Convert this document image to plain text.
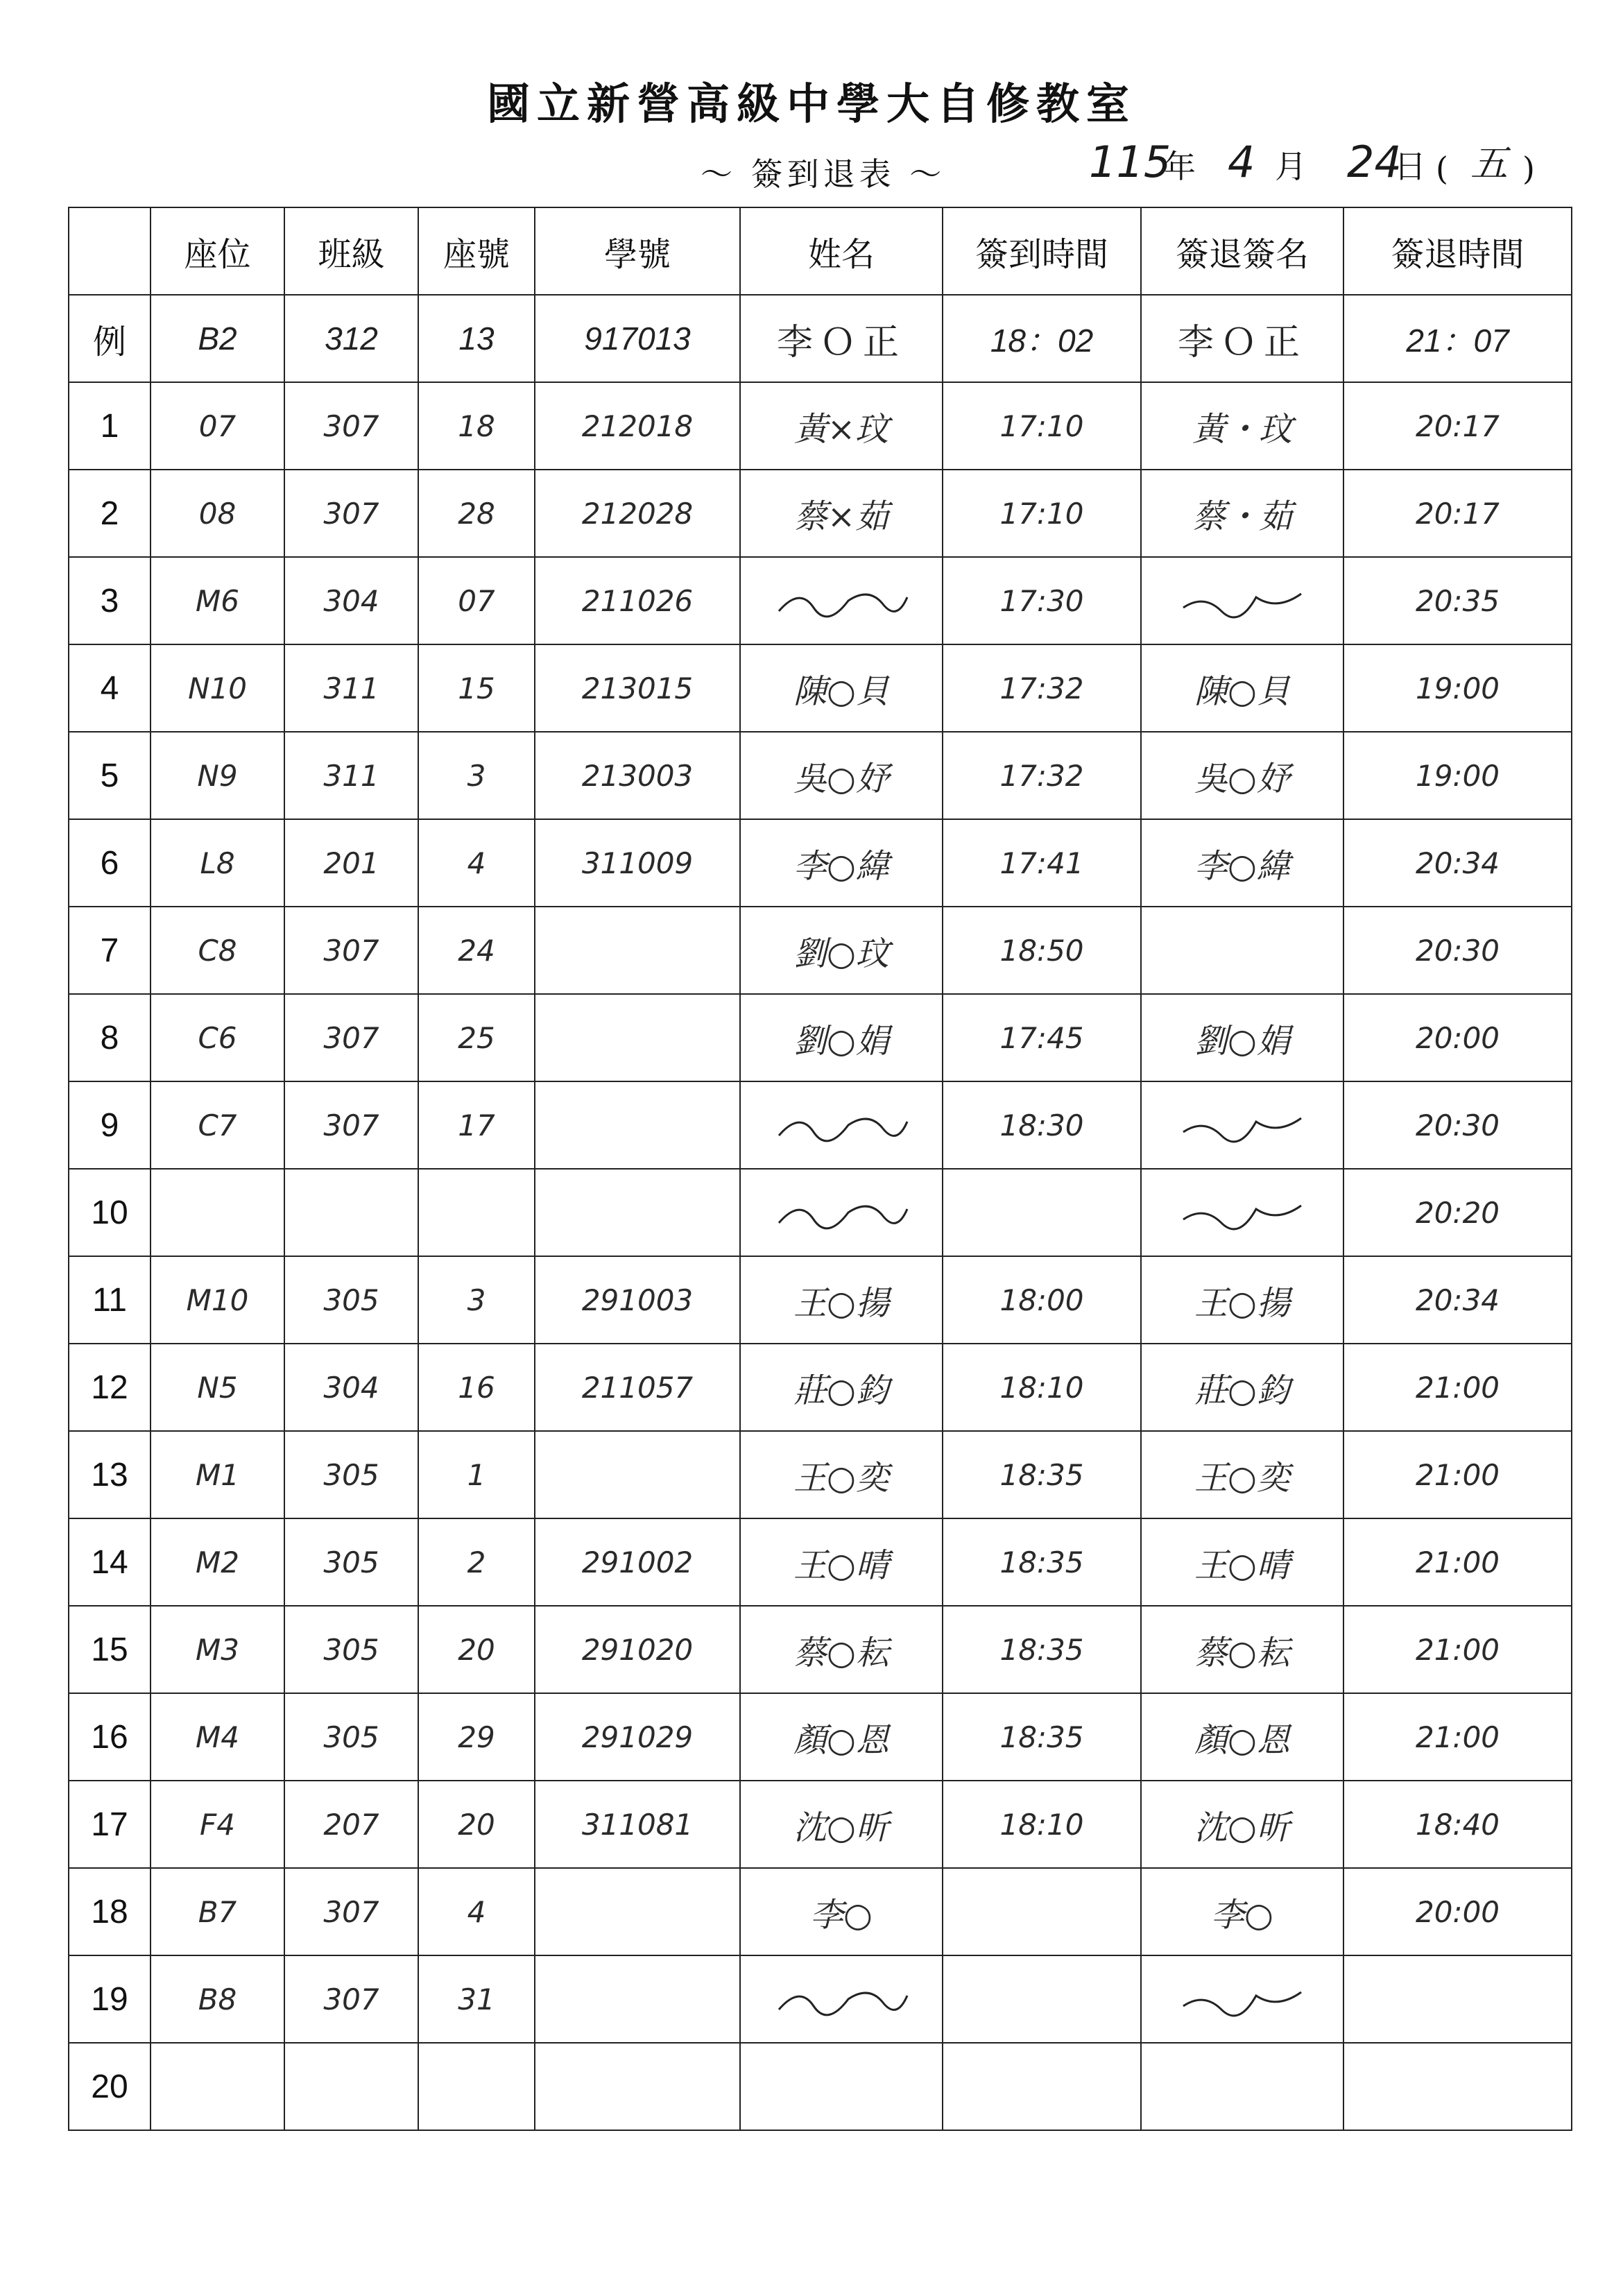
國立新營高級中學大自修教室
～ 簽到退表 ～	115
年 4 月 24
日 ( 五 )
	座位	班級	座號	學號	姓名	簽到時間	簽退簽名	簽退時間
例	B2	312	13	917013	李Ｏ正	18：02	李Ｏ正	21：07
1	07	307	18	212018	黃×玟	17:10	黃・玟	20:17
2	08	307	28	212028	蔡×茹	17:10	蔡・茹	20:17
3	M6	304	07	211026		17:30		20:35
4	N10	311	15	213015	陳○貝	17:32	陳○貝	19:00
5	N9	311	3	213003	吳○妤	17:32	吳○妤	19:00
6	L8	201	4	311009	李○緯	17:41	李○緯	20:34
7	C8	307	24		劉○玟	18:50		20:30
8	C6	307	25		劉○娟	17:45	劉○娟	20:00
9	C7	307	17			18:30		20:30
10								20:20
11	M10	305	3	291003	王○揚	18:00	王○揚	20:34
12	N5	304	16	211057	莊○鈞	18:10	莊○鈞	21:00
13	M1	305	1		王○奕	18:35	王○奕	21:00
14	M2	305	2	291002	王○晴	18:35	王○晴	21:00
15	M3	305	20	291020	蔡○耘	18:35	蔡○耘	21:00
16	M4	305	29	291029	顏○恩	18:35	顏○恩	21:00
17	F4	207	20	311081	沈○昕	18:10	沈○昕	18:40
18	B7	307	4		李○		李○	20:00
19	B8	307	31		

20								
